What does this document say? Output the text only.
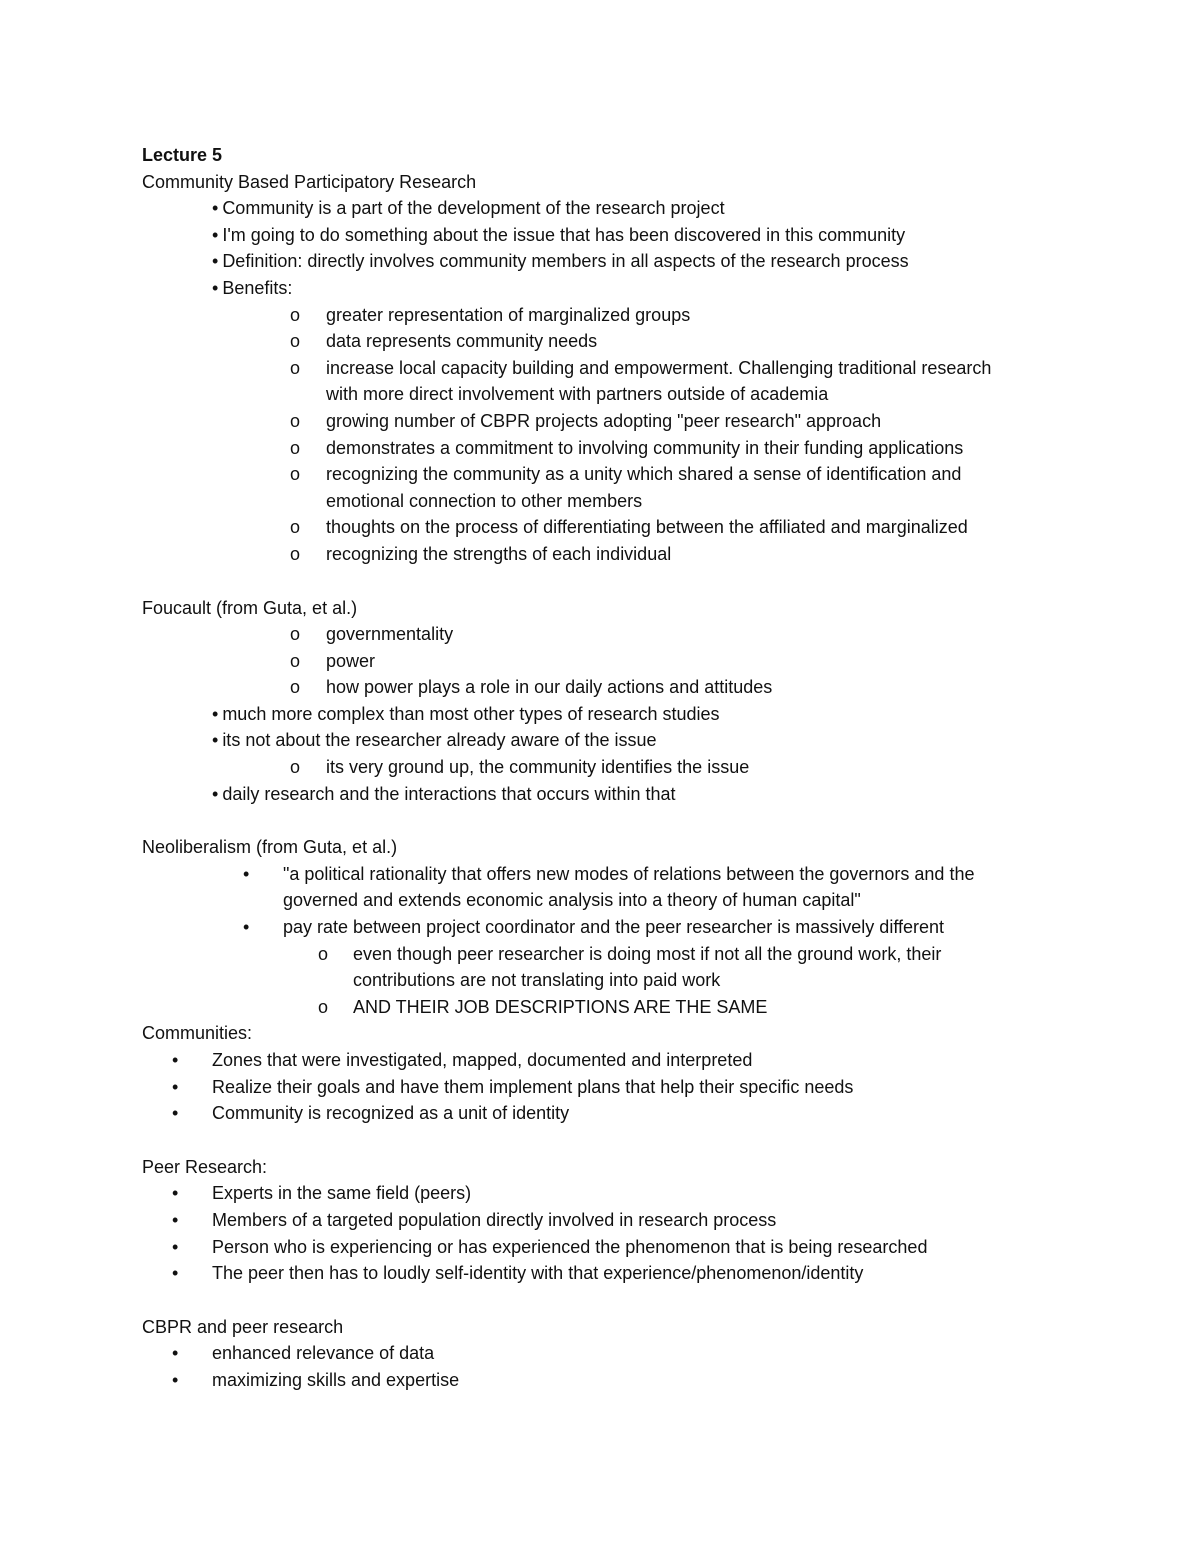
Lecture 5
Community Based Participatory Research
• Community is a part of the development of the research project
• I'm going to do something about the issue that has been discovered in this community
• Definition: directly involves community members in all aspects of the research process
• Benefits:
o greater representation of marginalized groups
o data represents community needs
o increase local capacity building and empowerment. Challenging traditional research
with more direct involvement with partners outside of academia
o growing number of CBPR projects adopting "peer research" approach
o demonstrates a commitment to involving community in their funding applications
o recognizing the community as a unity which shared a sense of identification and
emotional connection to other members
o thoughts on the process of differentiating between the affiliated and marginalized
o recognizing the strengths of each individual
Foucault (from Guta, et al.)
o governmentality
o power
o how power plays a role in our daily actions and attitudes
• much more complex than most other types of research studies
• its not about the researcher already aware of the issue
o its very ground up, the community identifies the issue
• daily research and the interactions that occurs within that
Neoliberalism (from Guta, et al.)
• "a political rationality that offers new modes of relations between the governors and the
governed and extends economic analysis into a theory of human capital"
• pay rate between project coordinator and the peer researcher is massively different
o even though peer researcher is doing most if not all the ground work, their
contributions are not translating into paid work
o AND THEIR JOB DESCRIPTIONS ARE THE SAME
Communities:
• Zones that were investigated, mapped, documented and interpreted
• Realize their goals and have them implement plans that help their specific needs
• Community is recognized as a unit of identity
Peer Research:
• Experts in the same field (peers)
• Members of a targeted population directly involved in research process
• Person who is experiencing or has experienced the phenomenon that is being researched
• The peer then has to loudly self-identity with that experience/phenomenon/identity
CBPR and peer research
• enhanced relevance of data
• maximizing skills and expertise
